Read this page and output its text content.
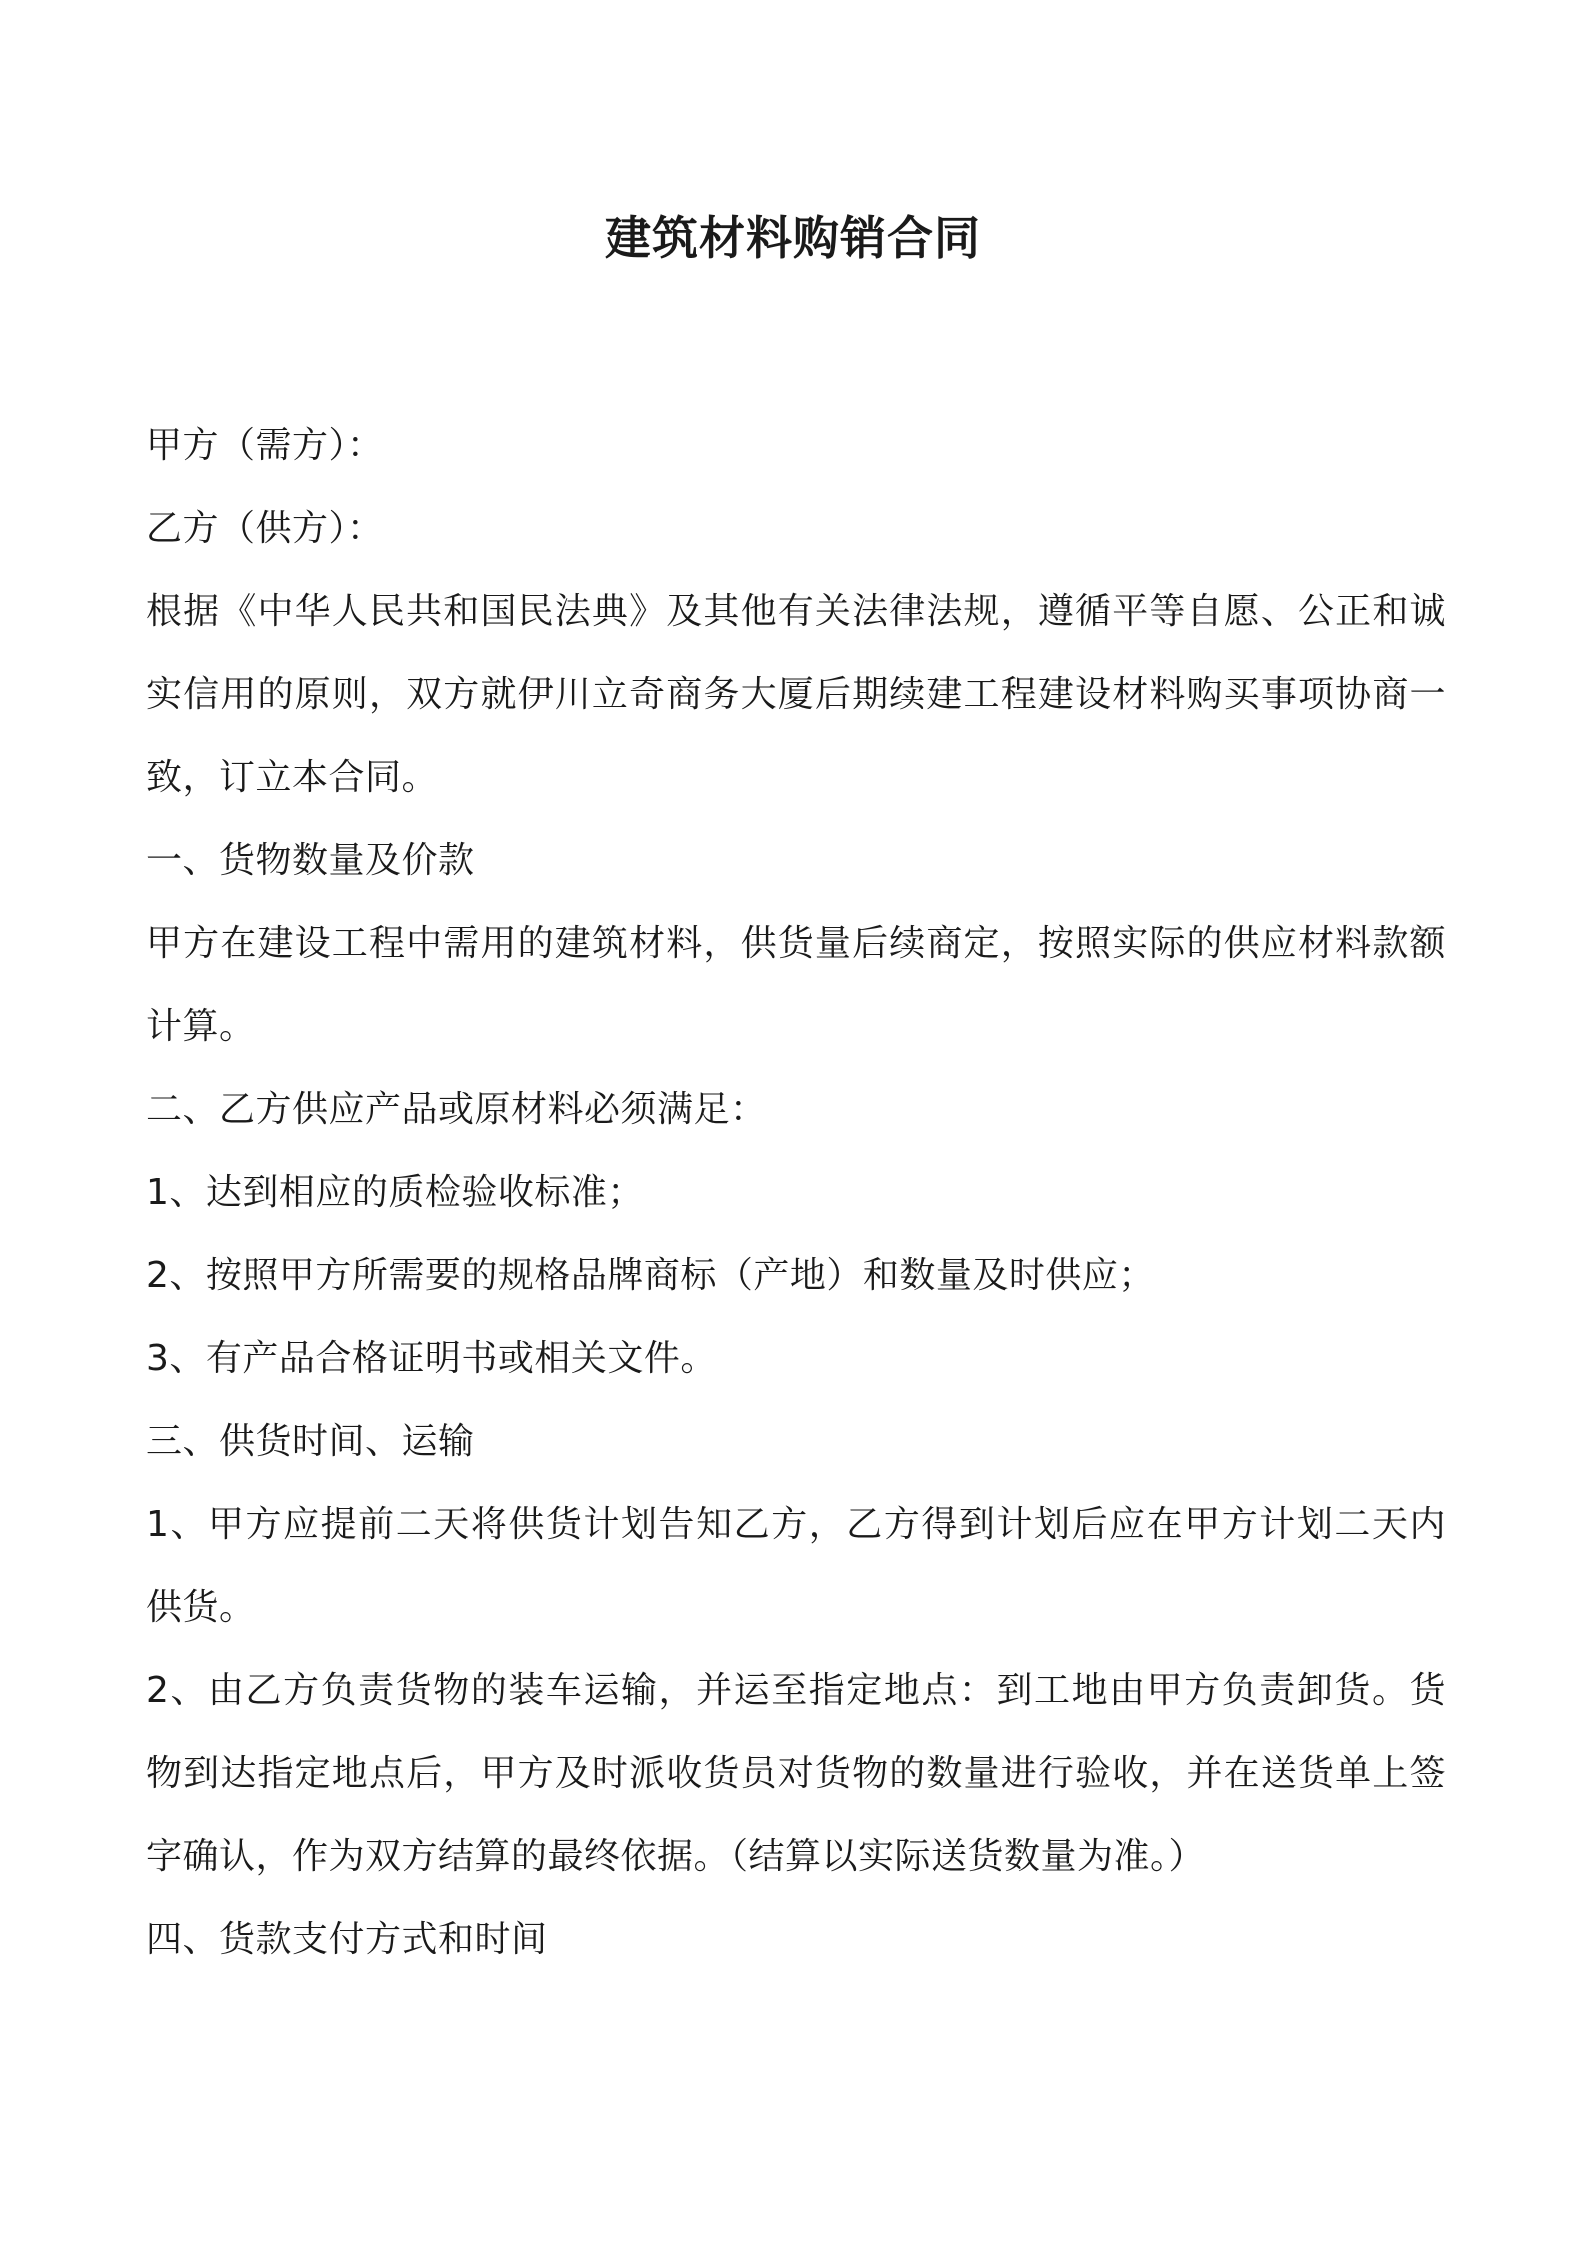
建筑材料购销合同

甲方（需方）：

乙方（供方）：

根据《中华人民共和国民法典》及其他有关法律法规，遵循平等自愿、公正和诚实信用的原则，双方就伊川立奇商务大厦后期续建工程建设材料购买事项协商一致，订立本合同。

一、货物数量及价款

甲方在建设工程中需用的建筑材料，供货量后续商定，按照实际的供应材料款额计算。

二、乙方供应产品或原材料必须满足：

1、达到相应的质检验收标准；

2、按照甲方所需要的规格品牌商标（产地）和数量及时供应；

3、有产品合格证明书或相关文件。

三、供货时间、运输

1、甲方应提前二天将供货计划告知乙方，乙方得到计划后应在甲方计划二天内供货。

2、由乙方负责货物的装车运输，并运至指定地点：到工地由甲方负责卸货。货物到达指定地点后，甲方及时派收货员对货物的数量进行验收，并在送货单上签字确认，作为双方结算的最终依据。（结算以实际送货数量为准。）

四、货款支付方式和时间
